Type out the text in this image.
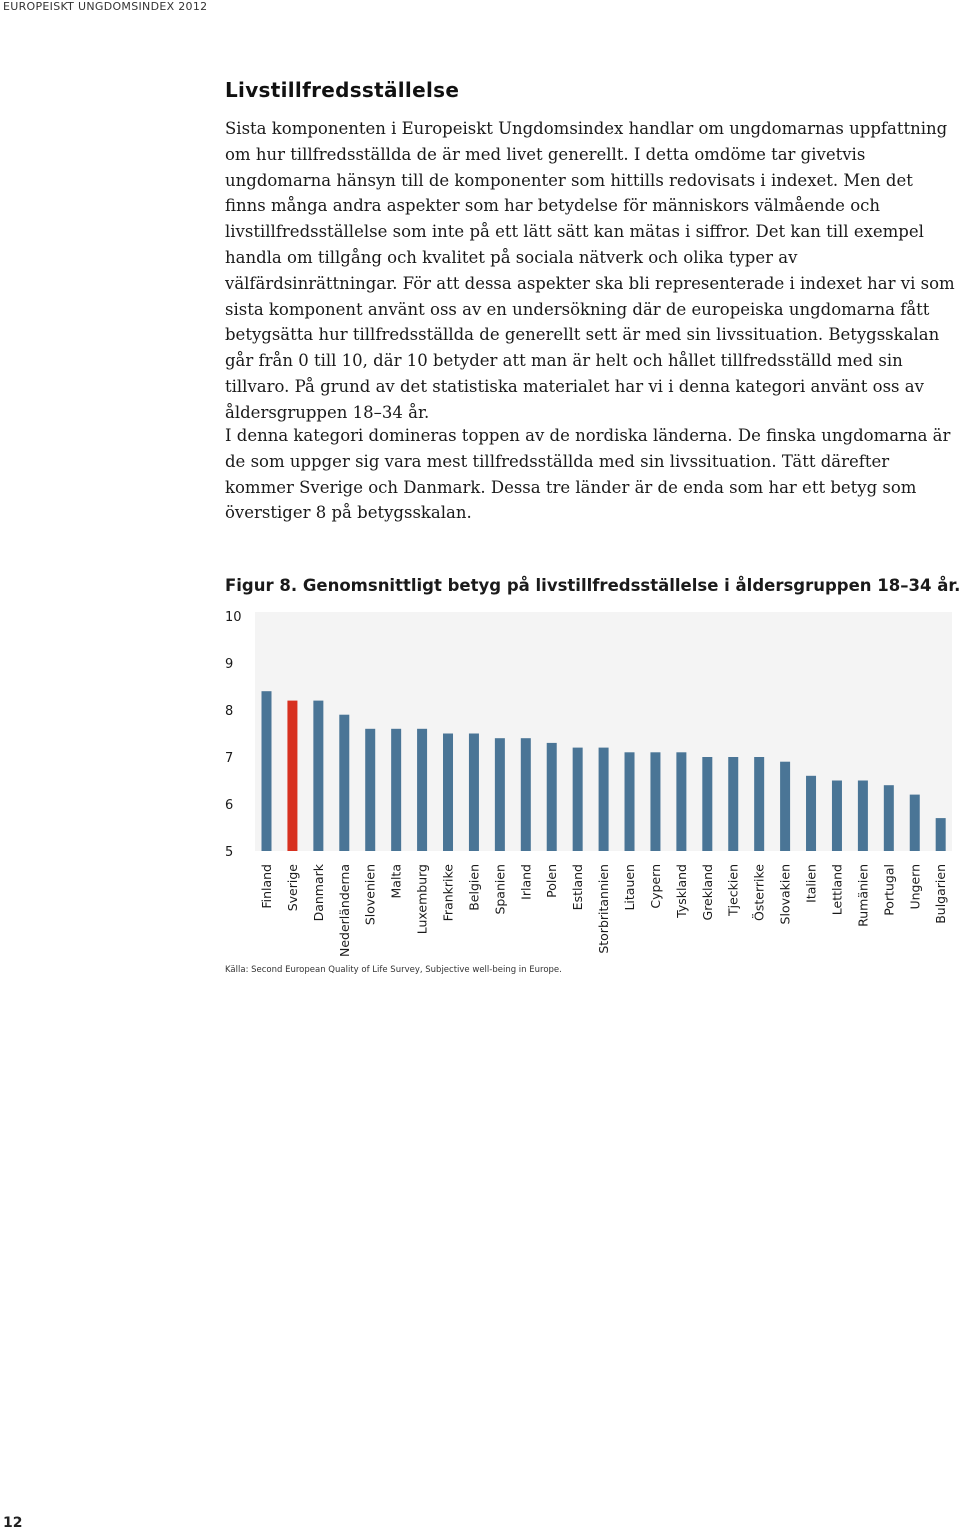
EUROPEISKT UNGDOMSINDEX 2012
Livstillfredsställelse

Sista komponenten i Europeiskt Ungdomsindex handlar om ungdomarnas uppfattning om hur tillfredsställda de är med livet generellt. I detta omdöme tar givetvis ungdomarna hänsyn till de komponenter som hittills redovisats i indexet. Men det finns många andra aspekter som har betydelse för människors välmående och livstillfredsställelse som inte på ett lätt sätt kan mätas i siffror. Det kan till exempel handla om tillgång och kvalitet på sociala nätverk och olika typer av välfärdsinrättningar. För att dessa aspekter ska bli representerade i indexet har vi som sista komponent använt oss av en undersökning där de europeiska ungdomarna fått betygsätta hur tillfredsställda de generellt sett är med sin livssituation. Betygsskalan går från 0 till 10, där 10 betyder att man är helt och hållet tillfredsställd med sin tillvaro. På grund av det statistiska materialet har vi i denna kategori använt oss av åldersgruppen 18–34 år.

I denna kategori domineras toppen av de nordiska länderna. De finska ungdomarna är de som uppger sig vara mest tillfredsställda med sin livssituation. Tätt därefter kommer Sverige och Danmark. Dessa tre länder är de enda som har ett betyg som överstiger 8 på betygsskalan.

Figur 8. Genomsnittligt betyg på livstillfredsställelse i åldersgruppen 18–34 år.
5
6
7
8
9
10
Finland Sverige Danmark Nederländerna Slovenien Malta Luxemburg Frankrike Belgien Spanien Irland Polen Estland Storbritannien Litauen Cypern Tyskland Grekland Tjeckien Österrike Slovakien Italien Lettland Rumänien Portugal Ungern Bulgarien
Källa: Second European Quality of Life Survey, Subjective well-being in Europe.
12
